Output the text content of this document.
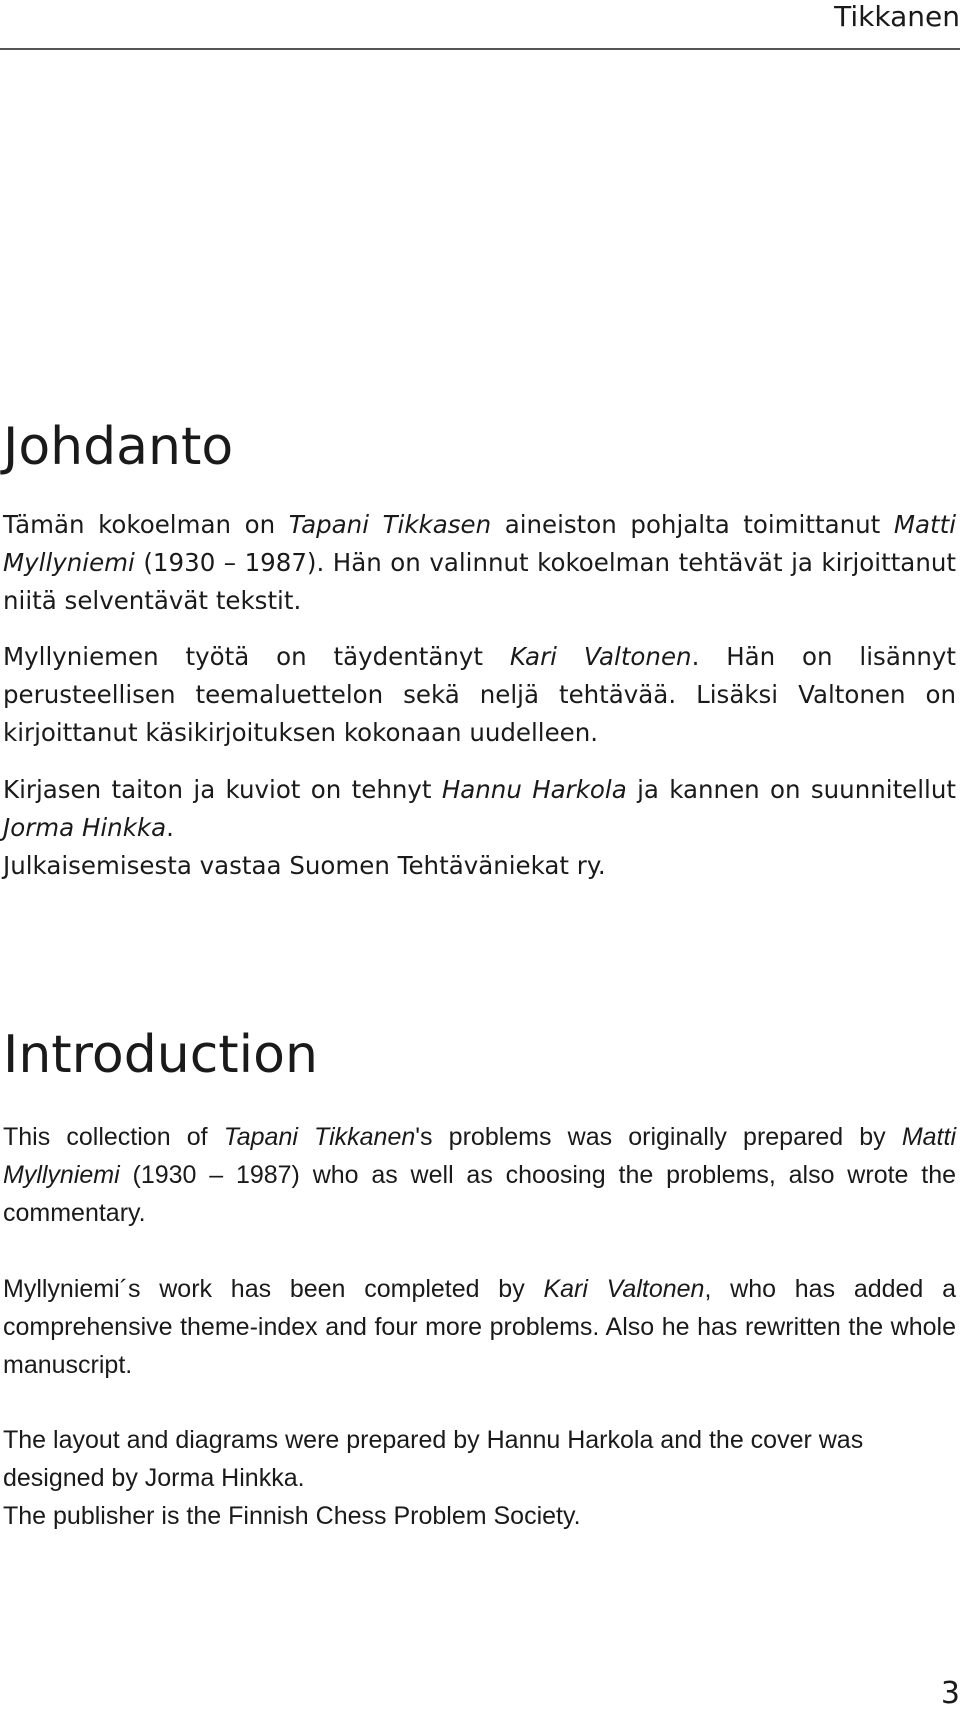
Tikkanen

Johdanto

Tämän kokoelman on Tapani Tikkasen aineiston pohjalta toimittanut Matti Myllyniemi (1930 – 1987). Hän on valinnut kokoelman tehtävät ja kirjoittanut niitä selventävät tekstit.

Myllyniemen työtä on täydentänyt Kari Valtonen. Hän on lisännyt perusteellisen teemaluettelon sekä neljä tehtävää. Lisäksi Valtonen on kirjoittanut käsikirjoituksen kokonaan uudelleen.

Kirjasen taiton ja kuviot on tehnyt Hannu Harkola ja kannen on suunnitellut Jorma Hinkka.

Julkaisemisesta vastaa Suomen Tehtäväniekat ry.

Introduction

This collection of Tapani Tikkanen's problems was originally prepared by Matti Myllyniemi (1930 – 1987) who as well as choosing the problems, also wrote the commentary.

Myllyniemi´s work has been completed by Kari Valtonen, who has added a comprehensive theme-index and four more problems. Also he has rewritten the whole manuscript.

The layout and diagrams were prepared by Hannu Harkola and the cover was designed by Jorma Hinkka.

The publisher is the Finnish Chess Problem Society.

3
